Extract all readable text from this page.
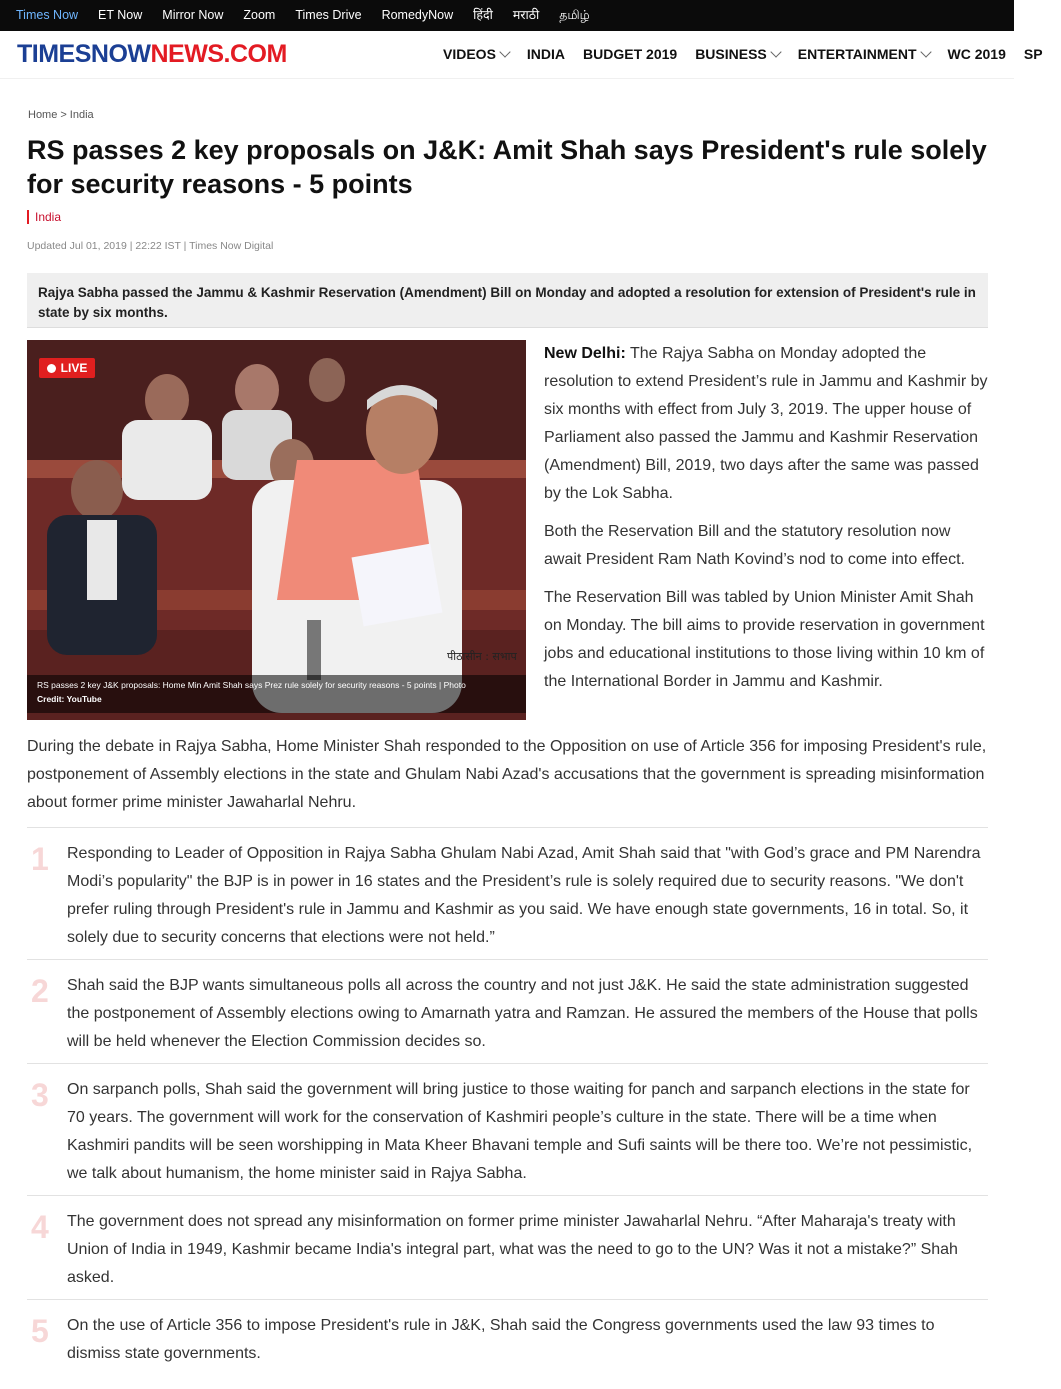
Times Now ET Now Mirror Now Zoom Times Drive RomedyNow हिंदी मराठी தமிழ்
TIMESNOWNEWS.COM	VIDEOS INDIA BUDGET 2019 BUSINESS ENTERTAINMENT WC 2019 SP
Home > India
RS passes 2 key proposals on J&K: Amit Shah says President's rule solely for security reasons - 5 points
India
Updated Jul 01, 2019 | 22:22 IST | Times Now Digital
Rajya Sabha passed the Jammu & Kashmir Reservation (Amendment) Bill on Monday and adopted a resolution for extension of President's rule in state by six months.
पीठासीन : सभाप
LIVE
RS passes 2 key J&K proposals: Home Min Amit Shah says Prez rule solely for security reasons - 5 points | Photo
Credit: YouTube

New Delhi: The Rajya Sabha on Monday adopted the resolution to extend President’s rule in Jammu and Kashmir by six months with effect from July 3, 2019. The upper house of Parliament also passed the Jammu and Kashmir Reservation (Amendment) Bill, 2019, two days after the same was passed by the Lok Sabha.

Both the Reservation Bill and the statutory resolution now await President Ram Nath Kovind’s nod to come into effect.

The Reservation Bill was tabled by Union Minister Amit Shah on Monday. The bill aims to provide reservation in government jobs and educational institutions to those living within 10 km of the International Border in Jammu and Kashmir.

During the debate in Rajya Sabha, Home Minister Shah responded to the Opposition on use of Article 356 for imposing President's rule, postponement of Assembly elections in the state and Ghulam Nabi Azad's accusations that the government is spreading misinformation about former prime minister Jawaharlal Nehru.
1 Responding to Leader of Opposition in Rajya Sabha Ghulam Nabi Azad, Amit Shah said that "with God’s grace and PM Narendra Modi’s popularity" the BJP is in power in 16 states and the President’s rule is solely required due to security reasons. "We don't prefer ruling through President's rule in Jammu and Kashmir as you said. We have enough state governments, 16 in total. So, it solely due to security concerns that elections were not held.”
2 Shah said the BJP wants simultaneous polls all across the country and not just J&K. He said the state administration suggested the postponement of Assembly elections owing to Amarnath yatra and Ramzan. He assured the members of the House that polls will be held whenever the Election Commission decides so.
3 On sarpanch polls, Shah said the government will bring justice to those waiting for panch and sarpanch elections in the state for 70 years. The government will work for the conservation of Kashmiri people’s culture in the state. There will be a time when Kashmiri pandits will be seen worshipping in Mata Kheer Bhavani temple and Sufi saints will be there too. We’re not pessimistic, we talk about humanism, the home minister said in Rajya Sabha.
4 The government does not spread any misinformation on former prime minister Jawaharlal Nehru. “After Maharaja's treaty with Union of India in 1949, Kashmir became India's integral part, what was the need to go to the UN? Was it not a mistake?” Shah asked.
5 On the use of Article 356 to impose President's rule in J&K, Shah said the Congress governments used the law 93 times to dismiss state governments.
